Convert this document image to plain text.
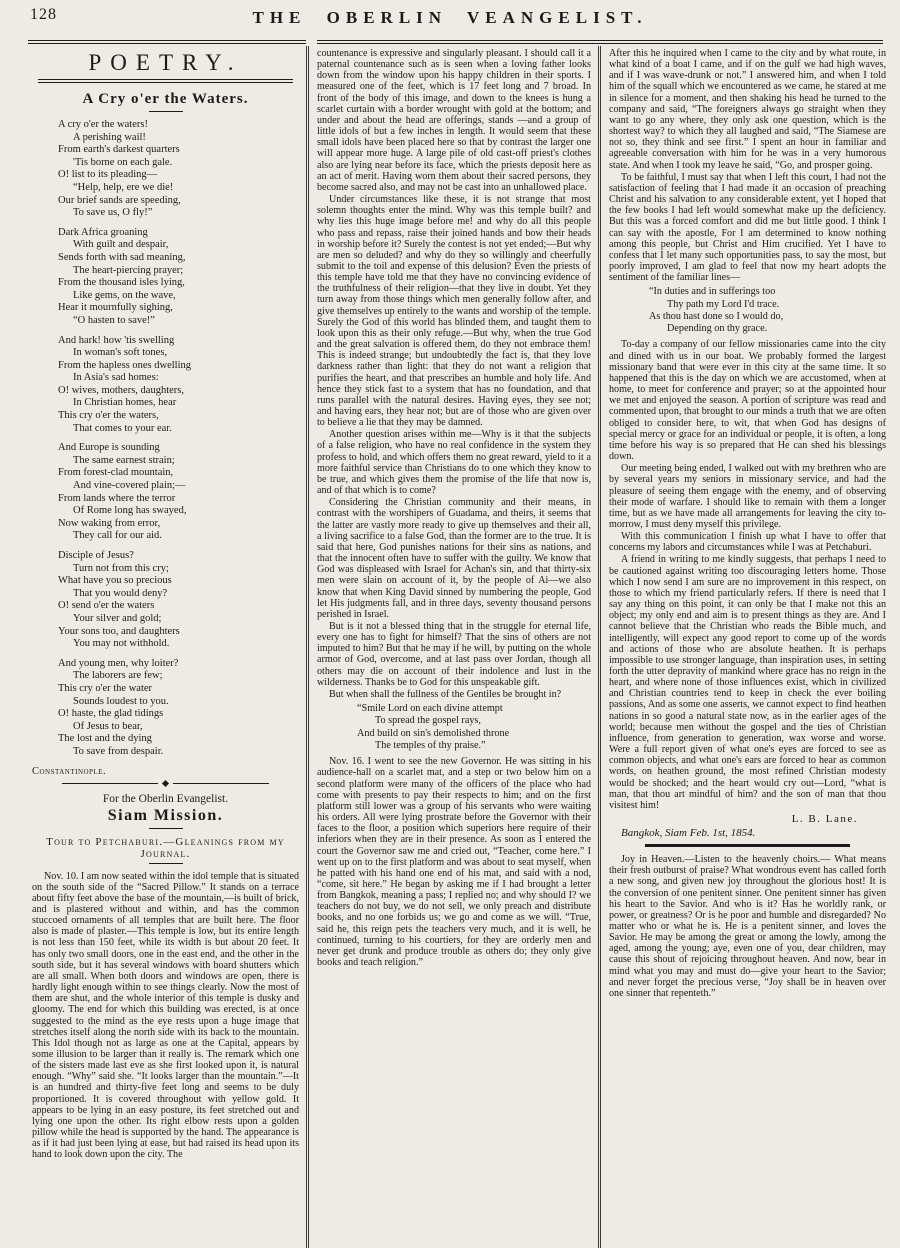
128	THE OBERLIN VEANGELIST.
POETRY.
A Cry o'er the Waters.
A cry o'er the waters!
A perishing wail!
From earth's darkest quarters
'Tis borne on each gale.
O! list to its pleading—
“Help, help, ere we die!
Our brief sands are speeding,
To save us, O fly!”
Dark Africa groaning
With guilt and despair,
Sends forth with sad meaning,
The heart-piercing prayer;
From the thousand isles lying,
Like gems, on the wave,
Hear it mournfully sighing,
“O hasten to save!”
And hark! how 'tis swelling
In woman's soft tones,
From the hapless ones dwelling
In Asia's sad homes:
O! wives, mothers, daughters,
In Christian homes, hear
This cry o'er the waters,
That comes to your ear.
And Europe is sounding
The same earnest strain;
From forest-clad mountain,
And vine-covered plain;—
From lands where the terror
Of Rome long has swayed,
Now waking from error,
They call for our aid.
Disciple of Jesus?
Turn not from this cry;
What have you so precious
That you would deny?
O! send o'er the waters
Your silver and gold;
Your sons too, and daughters
You may not withhold.
And young men, why loiter?
The laborers are few;
This cry o'er the water
Sounds loudest to you.
O! haste, the glad tidings
Of Jesus to bear,
The lost and the dying
To save from despair.
Constantinople.
For the Oberlin Evangelist.
Siam Mission.
Tour to Petchaburi.—Gleanings from my Journal.

Nov. 10. I am now seated within the idol temple that is situated on the south side of the “Sacred Pillow.” It stands on a terrace about fifty feet above the base of the mountain,—is built of brick, and is plastered without and within, and has the common stuccoed ornaments of all temples that are built here. The floor also is made of plaster.—This temple is low, but its entire length is not less than 150 feet, while its width is but about 20 feet. It has only two small doors, one in the east end, and the other in the south side, but it has several windows with board shutters which are all small. When both doors and windows are open, there is hardly light enough within to see things clearly. Now the most of them are shut, and the whole interior of this temple is dusky and gloomy. The end for which this building was erected, is at once suggested to the mind as the eye rests upon a huge image that stretches itself along the north side with its back to the mountain. This Idol though not as large as one at the Capital, appears by some illusion to be larger than it really is. The remark which one of the sisters made last eve as she first looked upon it, is natural enough. “Why” said she. “It looks larger than the mountain.”—It is an hundred and thirty-five feet long and seems to be duly proportioned. It is covered throughout with yellow gold. It appears to be lying in an easy posture, its feet stretched out and lying one upon the other. Its right elbow rests upon a golden pillow while the head is supported by the hand. The appearance is as if it had just been lying at ease, but had raised its head upon its hand to look down upon the city. The

countenance is expressive and singularly pleasant. I should call it a paternal countenance such as is seen when a loving father looks down from the window upon his happy children in their sports. I measured one of the feet, which is 17 feet long and 7 broad. In front of the body of this image, and down to the knees is hung a scarlet curtain with a border wrought with gold at the bottom; and under and about the head are offerings, stands —and a group of little idols of but a few inches in length. It would seem that these small idols have been placed here so that by contrast the larger one will appear more huge. A large pile of old cast-off priest's clothes also are lying near before its face, which the priests deposit here as an act of merit. Having worn them about their sacred persons, they become sacred also, and may not be cast into an unhallowed place.

Under circumstances like these, it is not strange that most solemn thoughts enter the mind. Why was this temple built? and why lies this huge image before me! and why do all this people who pass and repass, raise their joined hands and bow their heads in worship before it? Surely the contest is not yet ended;—But why are men so deluded? and why do they so willingly and cheerfully submit to the toil and expense of this delusion? Even the priests of this temple have told me that they have no convincing evidence of the truthfulness of their religion—that they live in doubt. Yet they turn away from those things which men generally follow after, and give themselves up entirely to the wants and worship of the temple. Surely the God of this world has blinded them, and taught them to look upon this as their only refuge.—But why, when the true God and the great salvation is offered them, do they not embrace them! This is indeed strange; but undoubtedly the fact is, that they love darkness rather than light: that they do not want a religion that purifies the heart, and that prescribes an humble and holy life. And hence they stick fast to a system that has no foundation, and that runs parallel with the natural desires. Having eyes, they see not; and having ears, they hear not; but are of those who are given over to believe a lie that they may be damned.

Another question arises within me—Why is it that the subjects of a false religion, who have no real confidence in the system they profess to hold, and which offers them no great reward, yield to it a more faithful service than Christians do to one which they know to be true, and which gives them the promise of the life that now is, and of that which is to come?

Considering the Christian community and their means, in contrast with the worshipers of Guadama, and theirs, it seems that the latter are vastly more ready to give up themselves and their all, a living sacrifice to a false God, than the former are to the true. It is said that here, God punishes nations for their sins as nations, and that the innocent often have to suffer with the guilty. We know that God was displeased with Israel for Achan's sin, and that thirty-six men were slain on account of it, by the people of Ai—we also know that when King David sinned by numbering the people, God let His judgments fall, and in three days, seventy thousand persons perished in Israel.

But is it not a blessed thing that in the struggle for eternal life, every one has to fight for himself? That the sins of others are not imputed to him? But that he may if he will, by putting on the whole armor of God, overcome, and at last pass over Jordan, though all others may die on account of their indolence and lust in the wilderness. Thanks be to God for this unspeakable gift.

But when shall the fullness of the Gentiles be brought in?

“Smile Lord on each divine attempt
To spread the gospel rays,
And build on sin's demolished throne
The temples of thy praise.”

Nov. 16. I went to see the new Governor. He was sitting in his audience-hall on a scarlet mat, and a step or two below him on a second platform were many of the officers of the place who had come with presents to pay their respects to him; and on the first platform still lower was a group of his servants who were waiting his orders. All were lying prostrate before the Governor with their faces to the floor, a position which superiors here require of their inferiors when they are in their presence. As soon as I entered the court the Governor saw me and cried out, “Teacher, come here.” I went up on to the first platform and was about to seat myself, when he patted with his hand one end of his mat, and said with a nod, “come, sit here.” He began by asking me if I had brought a letter from Bangkok, meaning a pass; I replied no; and why should I? we teachers do not buy, we do not sell, we only preach and distribute books, and no one forbids us; we go and come as we will. “True, said he, this reign pets the teachers very much, and it is well, he continued, turning to his courtiers, for they are orderly men and never get drunk and produce trouble as others do; they only give books and teach religion.”

After this he inquired when I came to the city and by what route, in what kind of a boat I came, and if on the gulf we had high waves, and if I was wave-drunk or not.” I answered him, and when I told him of the squall which we encountered as we came, he stared at me in silence for a moment, and then shaking his head he turned to the company and said, “The foreigners always go straight when they want to go any where, they only ask one question, which is the shortest way? to which they all laughed and said, “The Siamese are not so, they think and see first.” I spent an hour in familiar and agreeable conversation with him for he was in a very humorous state. And when I took my leave he said, “Go, and prosper going.

To be faithful, I must say that when I left this court, I had not the satisfaction of feeling that I had made it an occasion of preaching Christ and his salvation to any considerable extent, yet I hoped that the few books I had left would somewhat make up the deficiency. But this was a forced comfort and did me but little good. I think I can say with the apostle, For I am determined to know nothing among this people, but Christ and Him crucified. Yet I have to confess that I let many such opportunities pass, to say the most, but poorly improved, I am glad to feel that now my heart adopts the sentiment of the familiar lines—

“In duties and in sufferings too
Thy path my Lord I'd trace.
As thou hast done so I would do,
Depending on thy grace.

To-day a company of our fellow missionaries came into the city and dined with us in our boat. We probably formed the largest missionary band that were ever in this city at the same time. It so happened that this is the day on which we are accustomed, when at home, to meet for conference and prayer; so at the appointed hour we met and enjoyed the season. A portion of scripture was read and commented upon, that brought to our minds a truth that we are often obliged to consider here, to wit, that when God has designs of special mercy or grace for an individual or people, it is often, a long time before his way is so prepared that He can shed his blessings down.

Our meeting being ended, I walked out with my brethren who are by several years my seniors in missionary service, and had the pleasure of seeing them engage with the enemy, and of observing their mode of warfare. I should like to remain with them a longer time, but as we have made all arrangements for leaving the city to-morrow, I must deny myself this privilege.

With this communication I finish up what I have to offer that concerns my labors and circumstances while I was at Petchaburi.

A friend in writing to me kindly suggests, that perhaps I need to be cautioned against writing too discouraging letters home. Those which I now send I am sure are no improvement in this respect, on those to which my friend particularly refers. If there is need that I say any thing on this point, it can only be that I make not this an object; my only end and aim is to present things as they are. And I cannot believe that the Christian who reads the Bible much, and intelligently, will expect any good report to come up of the words and actions of those who are absolute heathen. It is perhaps impossible to use stronger language, than inspiration uses, in setting forth the utter depravity of mankind where grace has no reign in the heart, and where none of those influences exist, which in civilized and Christian countries tend to keep in check the ever boiling passions, And as some one asserts, we cannot expect to find heathen nations in so good a natural state now, as in the earlier ages of the world; because men without the gospel and the ties of Christian influence, from generation to generation, wax worse and worse. Were a full report given of what one's eyes are forced to see as common objects, and what one's ears are forced to hear as common words, on heathen ground, the most refined Christian modesty would be shocked; and the heart would cry out—Lord, “what is man, that thou art mindful of him? and the son of man that thou visitest him!

L. B. Lane.
Bangkok, Siam Feb. 1st, 1854.

Joy in Heaven.—Listen to the heavenly choirs.— What means their fresh outburst of praise? What wondrous event has called forth a new song, and given new joy throughout the glorious host! It is the conversion of one penitent sinner. One penitent sinner has given his heart to the Savior. And who is it? Has he worldly rank, or power, or greatness? Or is he poor and humble and disregarded? No matter who or what he is. He is a penitent sinner, and loves the Savior. He may be among the great or among the lowly, among the aged, among the young; aye, even one of you, dear children, may cause this shout of rejoicing throughout heaven. And now, bear in mind what you may and must do—give your heart to the Savior; and never forget the precious verse, “Joy shall be in heaven over one sinner that repenteth.”
